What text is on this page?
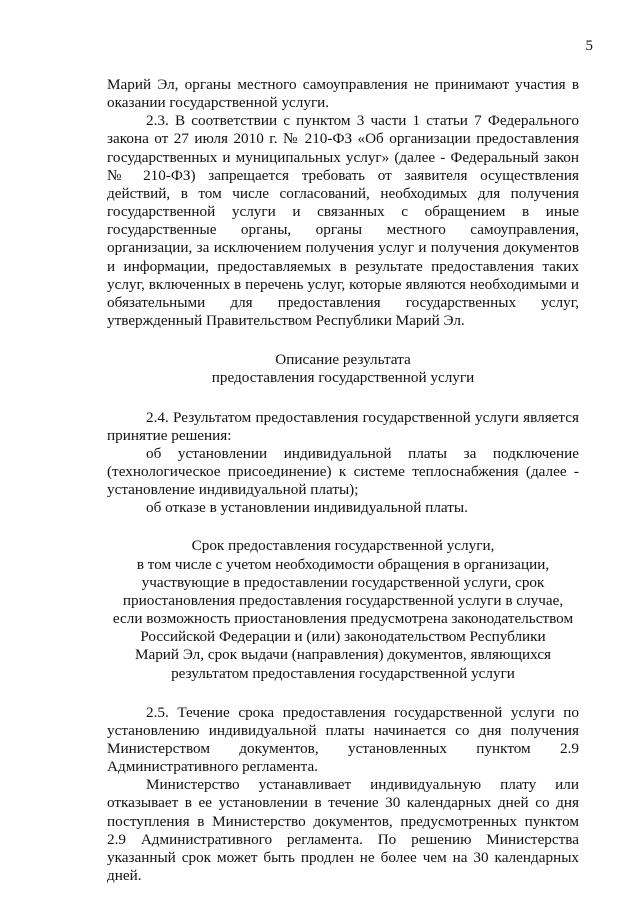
5

Марий Эл, органы местного самоуправления не принимают участия в оказании государственной услуги.

2.3. В соответствии с пунктом 3 части 1 статьи 7 Федерального закона от 27 июля 2010 г. № 210-ФЗ «Об организации предоставления государственных и муниципальных услуг» (далее - Федеральный закон № 210-ФЗ) запрещается требовать от заявителя осуществления действий, в том числе согласований, необходимых для получения государственной услуги и связанных с обращением в иные государственные органы, органы местного самоуправления, организации, за исключением получения услуг и получения документов и информации, предоставляемых в результате предоставления таких услуг, включенных в перечень услуг, которые являются необходимыми и обязательными для предоставления государственных услуг, утвержденный Правительством Республики Марий Эл.

Описание результата
предоставления государственной услуги

2.4. Результатом предоставления государственной услуги является принятие решения:

об установлении индивидуальной платы за подключение (технологическое присоединение) к системе теплоснабжения (далее - установление индивидуальной платы);

об отказе в установлении индивидуальной платы.

Срок предоставления государственной услуги,
в том числе с учетом необходимости обращения в организации,
участвующие в предоставлении государственной услуги, срок
приостановления предоставления государственной услуги в случае,
если возможность приостановления предусмотрена законодательством
Российской Федерации и (или) законодательством Республики
Марий Эл, срок выдачи (направления) документов, являющихся
результатом предоставления государственной услуги

2.5. Течение срока предоставления государственной услуги по установлению индивидуальной платы начинается со дня получения Министерством документов, установленных пунктом 2.9 Административного регламента.

Министерство устанавливает индивидуальную плату или отказывает в ее установлении в течение 30 календарных дней со дня поступления в Министерство документов, предусмотренных пунктом 2.9 Административного регламента. По решению Министерства указанный срок может быть продлен не более чем на 30 календарных дней.
